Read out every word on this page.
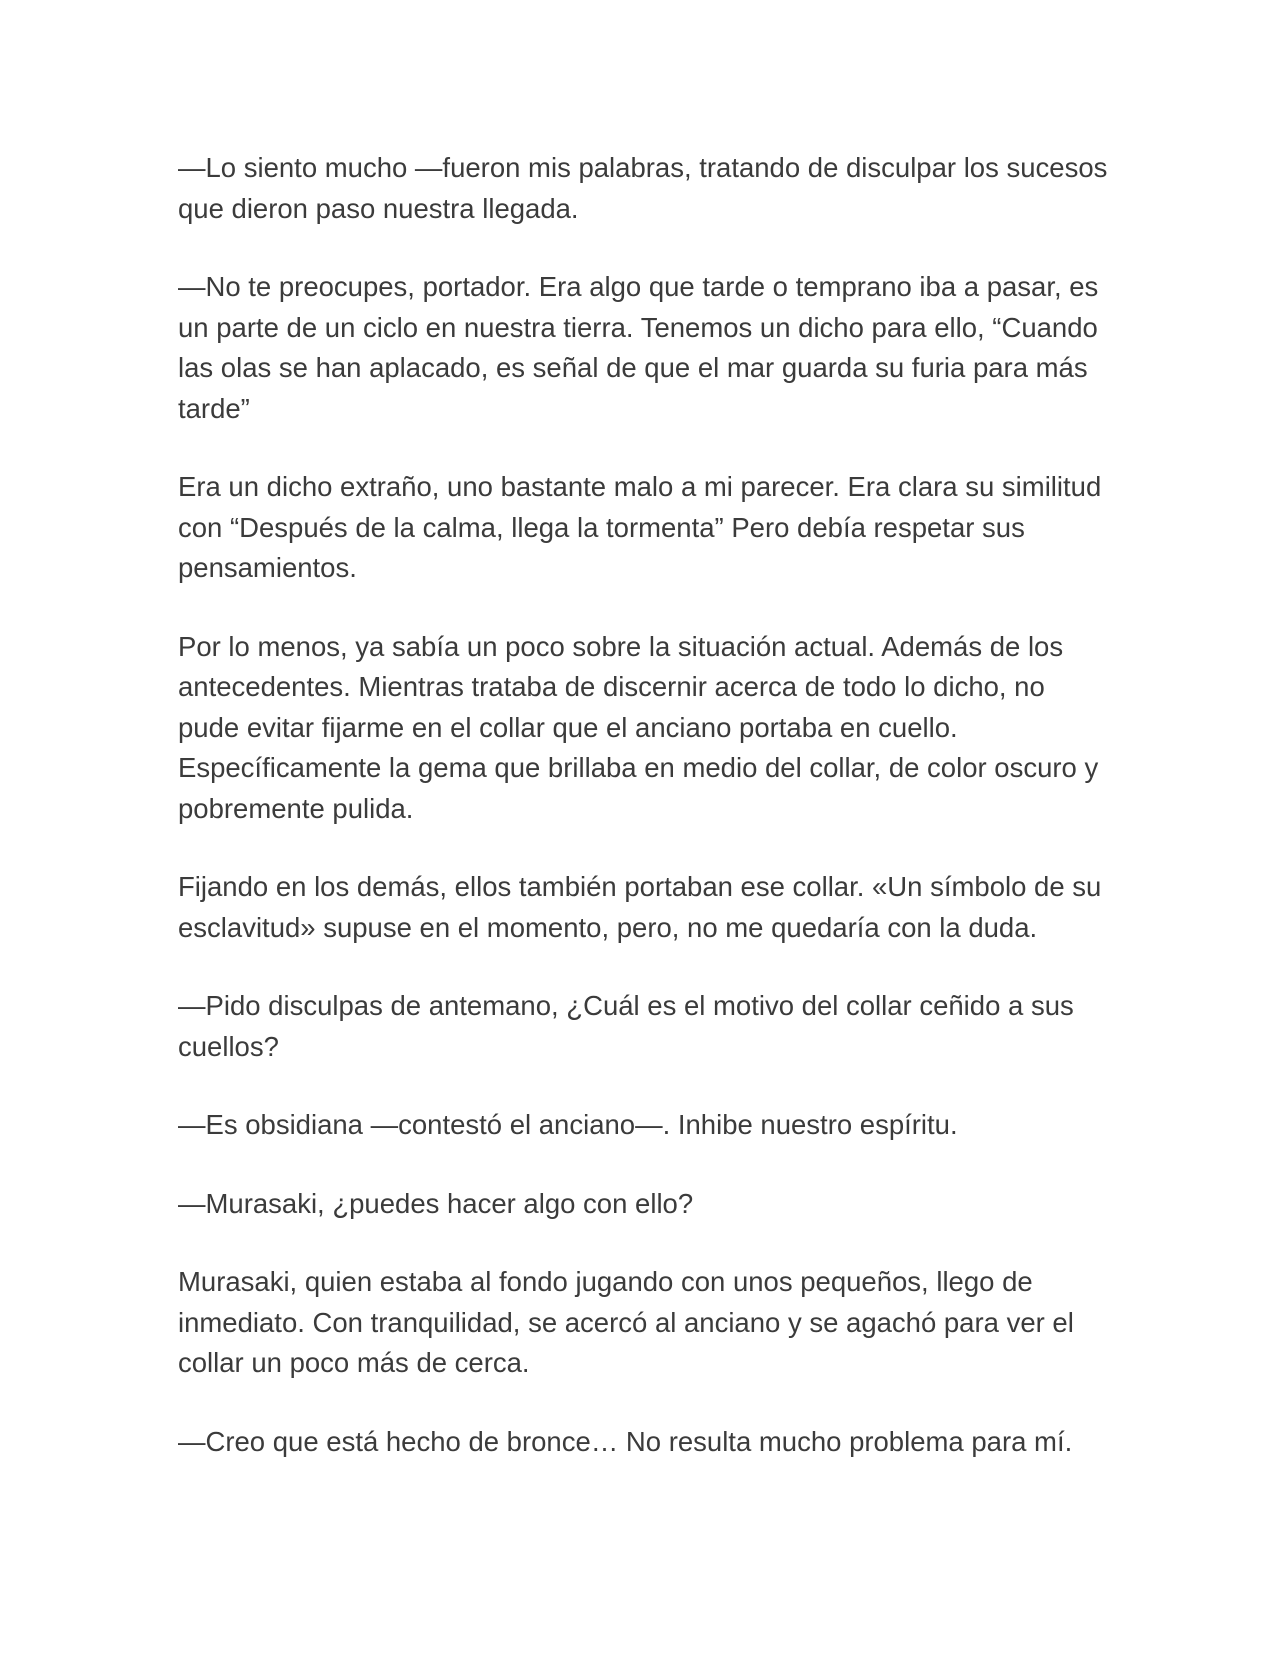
—Lo siento mucho —fueron mis palabras, tratando de disculpar los sucesos que dieron paso nuestra llegada.

—No te preocupes, portador. Era algo que tarde o temprano iba a pasar, es un parte de un ciclo en nuestra tierra. Tenemos un dicho para ello, “Cuando las olas se han aplacado, es señal de que el mar guarda su furia para más tarde”

Era un dicho extraño, uno bastante malo a mi parecer. Era clara su similitud con “Después de la calma, llega la tormenta” Pero debía respetar sus pensamientos.

Por lo menos, ya sabía un poco sobre la situación actual. Además de los antecedentes. Mientras trataba de discernir acerca de todo lo dicho, no pude evitar fijarme en el collar que el anciano portaba en cuello. Específicamente la gema que brillaba en medio del collar, de color oscuro y pobremente pulida.

Fijando en los demás, ellos también portaban ese collar. «Un símbolo de su esclavitud» supuse en el momento, pero, no me quedaría con la duda.

—Pido disculpas de antemano, ¿Cuál es el motivo del collar ceñido a sus cuellos?

—Es obsidiana —contestó el anciano—. Inhibe nuestro espíritu.

—Murasaki, ¿puedes hacer algo con ello?

Murasaki, quien estaba al fondo jugando con unos pequeños, llego de inmediato. Con tranquilidad, se acercó al anciano y se agachó para ver el collar un poco más de cerca.

—Creo que está hecho de bronce… No resulta mucho problema para mí.
